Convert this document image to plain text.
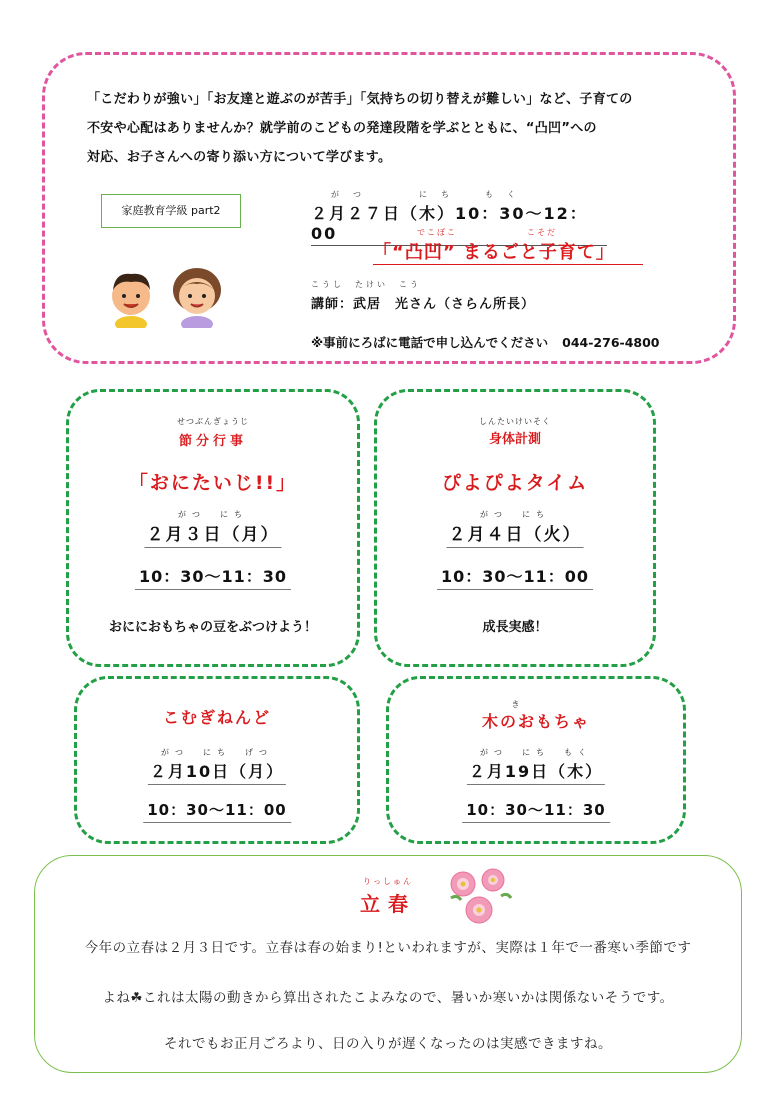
「こだわりが強い」「お友達と遊ぶのが苦手」「気持ちの切り替えが難しい」など、子育ての

不安や心配はありませんか？就学前のこどもの発達段階を学ぶとともに、“凸凹”への

対応、お子さんへの寄り添い方について学びます。

家庭教育学級 part2
がつ　　にち　もく
２月２７日（木）10：30〜12：00	でこぼこ　　　　　　　こそだ
「“凸凹” まるごと子育て」
こうし　たけい　こう
講師：武居　光さん（さらん所長）
※事前にろばに電話で申し込んでください 044-276-4800
せつぶんぎょうじ
節分行事
「おにたいじ!!」
がつ　にち
２月３日（月）
10：30〜11：30
おににおもちゃの豆をぶつけよう！
しんたいけいそく
身体計測
ぴよぴよタイム
がつ　にち
２月４日（火）
10：30〜11：00
成長実感！
こむぎねんど
がつ　にち　げつ
２月10日（月）
10：30〜11：00
き
木のおもちゃ
がつ　にち　もく
２月19日（木）
10：30〜11：30
りっしゅん
立春
今年の立春は２月３日です。立春は春の始まり!といわれますが、実際は１年で一番寒い季節です
よね☘これは太陽の動きから算出されたこよみなので、暑いか寒いかは関係ないそうです。
それでもお正月ごろより、日の入りが遅くなったのは実感できますね。
